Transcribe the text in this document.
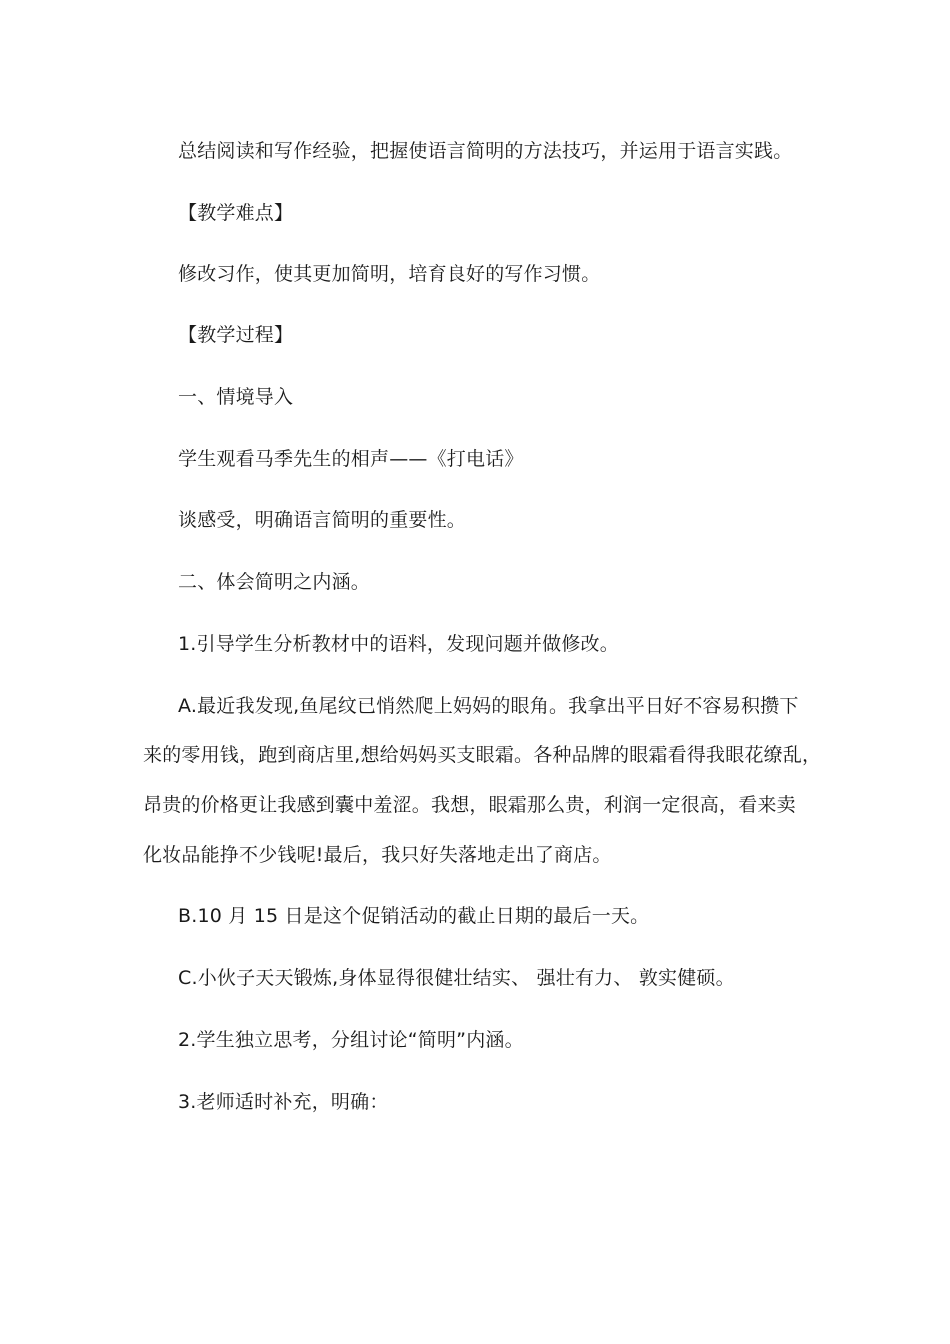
总结阅读和写作经验，把握使语言简明的方法技巧，并运用于语言实践。
【教学难点】
修改习作，使其更加简明，培育良好的写作习惯。
【教学过程】
一、情境导入
学生观看马季先生的相声——《打电话》
谈感受，明确语言简明的重要性。
二、体会简明之内涵。
1.引导学生分析教材中的语料，发现问题并做修改。
A.最近我发现,鱼尾纹已悄然爬上妈妈的眼角。我拿出平日好不容易积攒下
来的零用钱，跑到商店里,想给妈妈买支眼霜。各种品牌的眼霜看得我眼花缭乱，
昂贵的价格更让我感到囊中羞涩。我想，眼霜那么贵，利润一定很高，看来卖
化妆品能挣不少钱呢!最后，我只好失落地走出了商店。
B.10 月 15 日是这个促销活动的截止日期的最后一天。
C.小伙子天天锻炼,身体显得很健壮结实、 强壮有力、 敦实健硕。
2.学生独立思考，分组讨论“简明”内涵。
3.老师适时补充，明确：
